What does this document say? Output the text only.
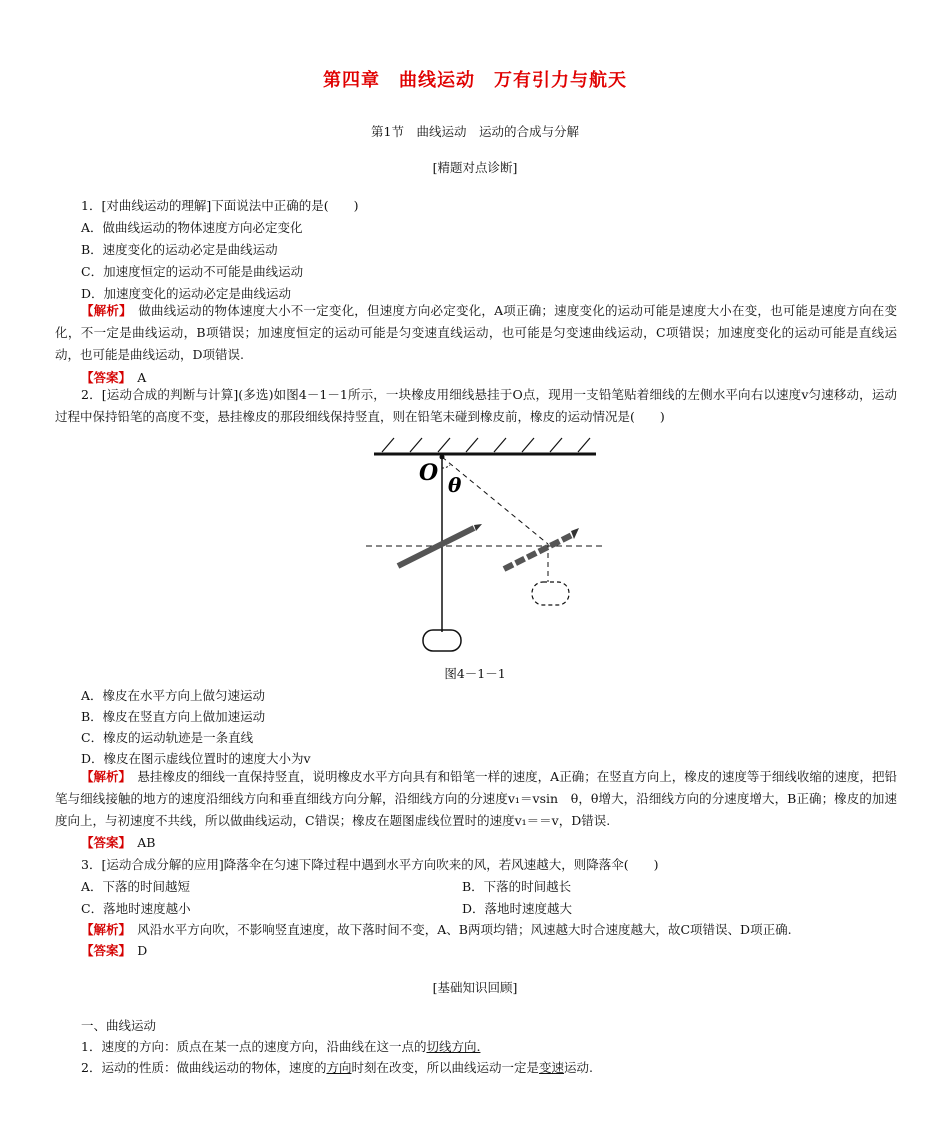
第四章　曲线运动　万有引力与航天
第1节　曲线运动　运动的合成与分解
[精题对点诊断]
1．[对曲线运动的理解]下面说法中正确的是(　　)
A．做曲线运动的物体速度方向必定变化
B．速度变化的运动必定是曲线运动
C．加速度恒定的运动不可能是曲线运动
D．加速度变化的运动必定是曲线运动
【解析】　 做曲线运动的物体速度大小不一定变化，但速度方向必定变化，A项正确；速度变化的运动可能是速度大小在变，也可能是速度方向在变化，不一定是曲线运动，B项错误；加速度恒定的运动可能是匀变速直线运动，也可能是匀变速曲线运动，C项错误；加速度变化的运动可能是直线运动，也可能是曲线运动，D项错误.
【答案】　 A
2．[运动合成的判断与计算](多选)如图4－1－1所示，一块橡皮用细线悬挂于O点，现用一支铅笔贴着细线的左侧水平向右以速度v匀速移动，运动过程中保持铅笔的高度不变，悬挂橡皮的那段细线保持竖直，则在铅笔未碰到橡皮前，橡皮的运动情况是(　　)
O θ
图4－1－1
A．橡皮在水平方向上做匀速运动
B．橡皮在竖直方向上做加速运动
C．橡皮的运动轨迹是一条直线
D．橡皮在图示虚线位置时的速度大小为v
【解析】　 悬挂橡皮的细线一直保持竖直，说明橡皮水平方向具有和铅笔一样的速度，A正确；在竖直方向上，橡皮的速度等于细线收缩的速度，把铅笔与细线接触的地方的速度沿细线方向和垂直细线方向分解，沿细线方向的分速度v₁＝vsin　θ，θ增大，沿细线方向的分速度增大，B正确；橡皮的加速度向上，与初速度不共线，所以做曲线运动，C错误；橡皮在题图虚线位置时的速度v₁＝＝v，D错误.
【答案】　 AB
3．[运动合成分解的应用]降落伞在匀速下降过程中遇到水平方向吹来的风，若风速越大，则降落伞(　　)
A．下落的时间越短	B．下落的时间越长
C．落地时速度越小	D．落地时速度越大
【解析】　 风沿水平方向吹，不影响竖直速度，故下落时间不变，A、B两项均错；风速越大时合速度越大，故C项错误、D项正确.
【答案】　 D
[基础知识回顾]
一、曲线运动
1．速度的方向：质点在某一点的速度方向，沿曲线在这一点的切线方向.
2．运动的性质：做曲线运动的物体，速度的方向时刻在改变，所以曲线运动一定是变速运动.
